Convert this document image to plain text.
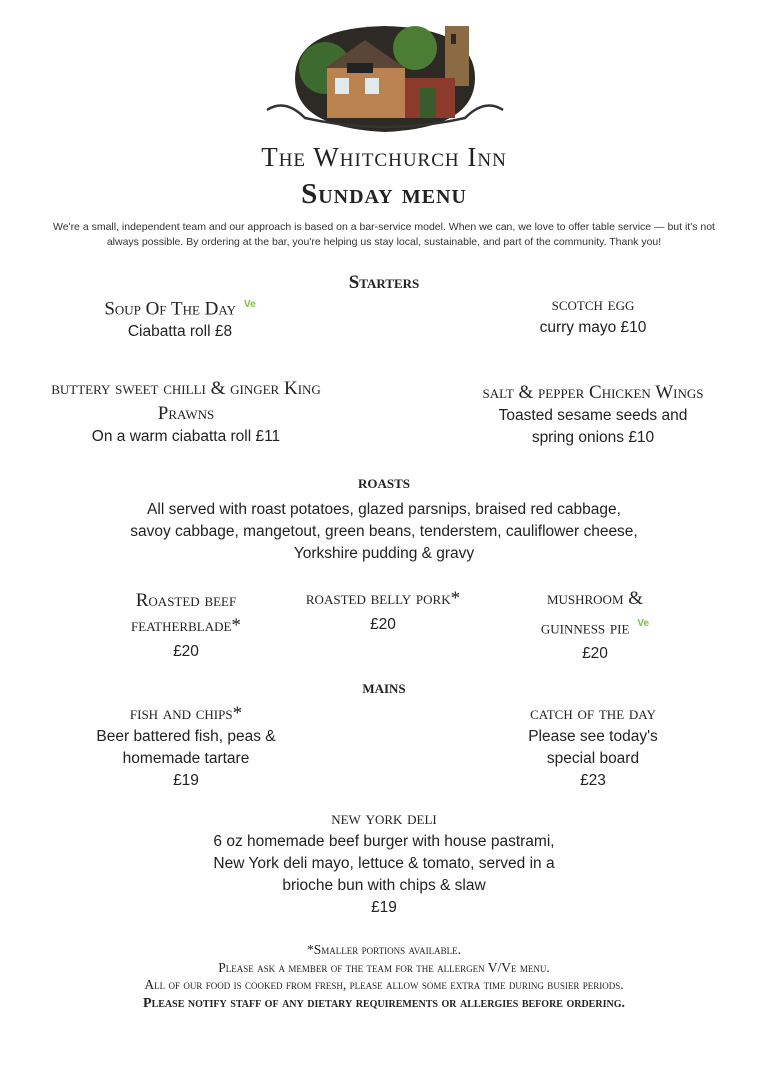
The Whitchurch Inn
Sunday menu
We're a small, independent team and our approach is based on a bar-service model. When we can, we love to offer table service — but it's not always possible. By ordering at the bar, you're helping us stay local, sustainable, and part of the community. Thank you!
Starters
Soup Of The Day $^{Ve}$
Ciabatta roll £8
scotch egg
curry mayo £10
buttery sweet chilli & ginger King Prawns
On a warm ciabatta roll £11
salt & pepper Chicken Wings
Toasted sesame seeds and spring onions £10
roasts
All served with roast potatoes, glazed parsnips, braised red cabbage, savoy cabbage, mangetout, green beans, tenderstem, cauliflower cheese, Yorkshire pudding & gravy
Roasted beef featherblade*
£20
roasted belly pork*
£20
mushroom & guinness pie $^{Ve}$
£20
mains
fish and chips*
Beer battered fish, peas & homemade tartare
£19
catch of the day
Please see today's special board
£23
new york deli
6 oz homemade beef burger with house pastrami, New York deli mayo, lettuce & tomato, served in a brioche bun with chips & slaw
£19
*Smaller portions available.
Please ask a member of the team for the allergen V/Ve menu.
All of our food is cooked from fresh, please allow some extra time during busier periods.
Please notify staff of any dietary requirements or allergies before ordering.
